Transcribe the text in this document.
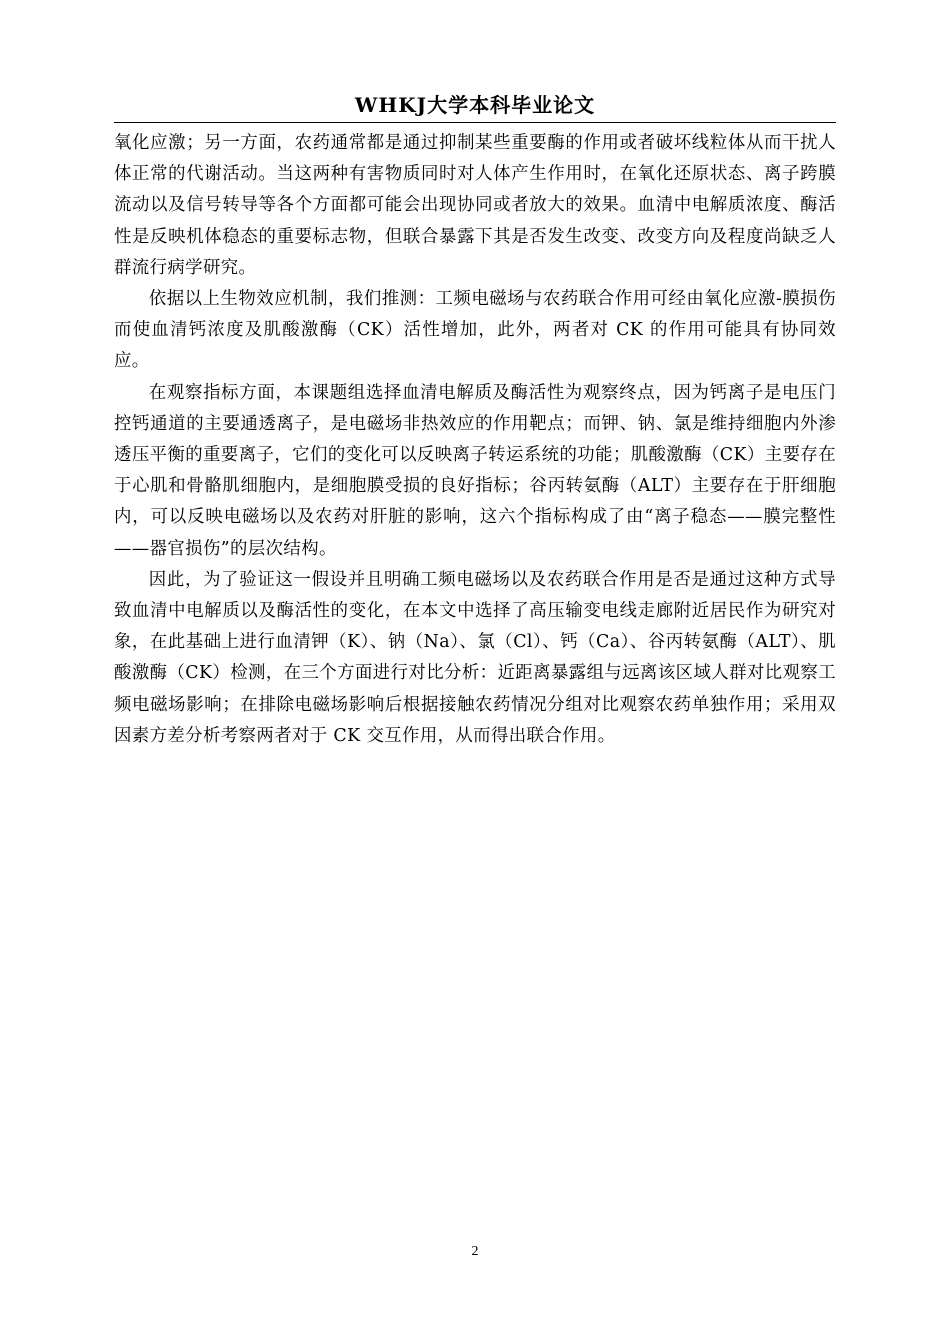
WHKJ大学本科毕业论文

氧化应激；另一方面，农药通常都是通过抑制某些重要酶的作用或者破坏线粒体从而干扰人体正常的代谢活动。当这两种有害物质同时对人体产生作用时，在氧化还原状态、离子跨膜流动以及信号转导等各个方面都可能会出现协同或者放大的效果。血清中电解质浓度、酶活性是反映机体稳态的重要标志物，但联合暴露下其是否发生改变、改变方向及程度尚缺乏人群流行病学研究。

依据以上生物效应机制，我们推测：工频电磁场与农药联合作用可经由氧化应激-膜损伤而使血清钙浓度及肌酸激酶（CK）活性增加，此外，两者对 CK 的作用可能具有协同效应。

在观察指标方面，本课题组选择血清电解质及酶活性为观察终点，因为钙离子是电压门控钙通道的主要通透离子，是电磁场非热效应的作用靶点；而钾、钠、氯是维持细胞内外渗透压平衡的重要离子，它们的变化可以反映离子转运系统的功能；肌酸激酶（CK）主要存在于心肌和骨骼肌细胞内，是细胞膜受损的良好指标；谷丙转氨酶（ALT）主要存在于肝细胞内，可以反映电磁场以及农药对肝脏的影响，这六个指标构成了由“离子稳态——膜完整性——器官损伤”的层次结构。

因此，为了验证这一假设并且明确工频电磁场以及农药联合作用是否是通过这种方式导致血清中电解质以及酶活性的变化，在本文中选择了高压输变电线走廊附近居民作为研究对象，在此基础上进行血清钾（K）、钠（Na）、氯（Cl）、钙（Ca）、谷丙转氨酶（ALT）、肌酸激酶（CK）检测，在三个方面进行对比分析：近距离暴露组与远离该区域人群对比观察工频电磁场影响；在排除电磁场影响后根据接触农药情况分组对比观察农药单独作用；采用双因素方差分析考察两者对于 CK 交互作用，从而得出联合作用。

2
